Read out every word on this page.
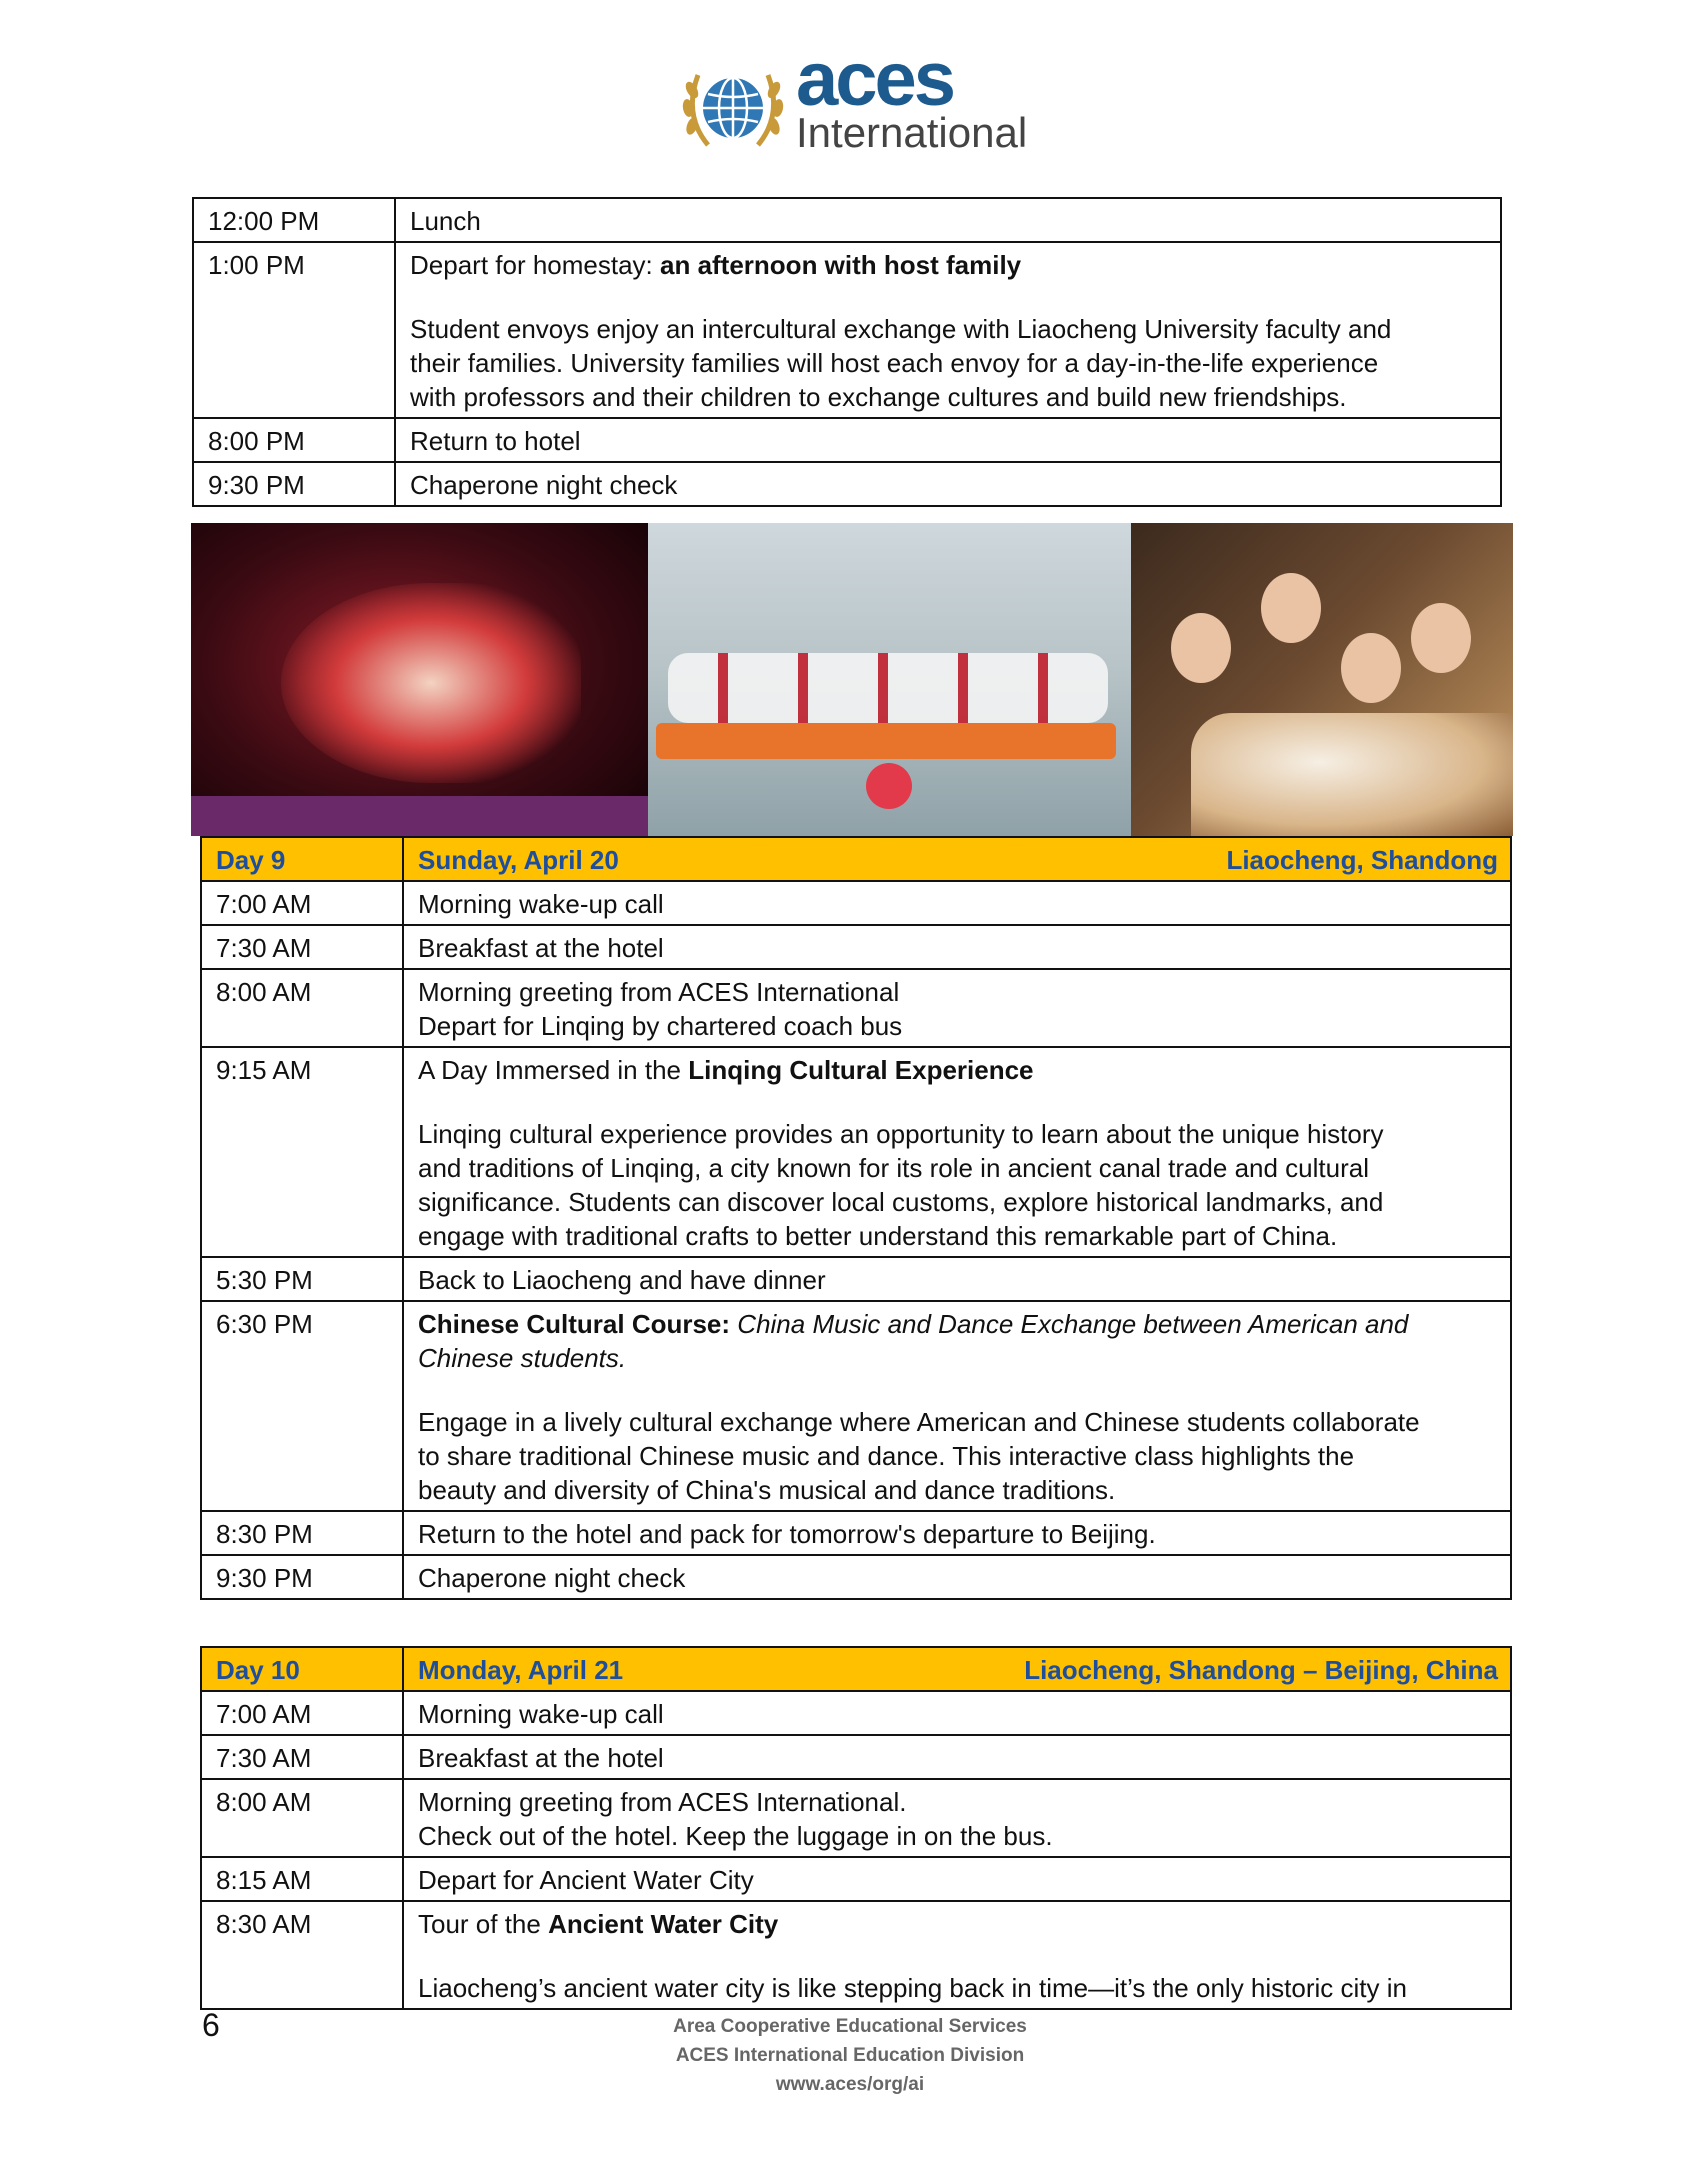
aces
International
12:00 PM	Lunch

1:00 PM	Depart for homestay: an afternoon with host family
Student envoys enjoy an intercultural exchange with Liaocheng University faculty and
their families. University families will host each envoy for a day-in-the-life experience
with professors and their children to exchange cultures and build new friendships.

8:00 PM	Return to hotel

9:30 PM	Chaperone night check
Day 9	Sunday, April 20 Liaocheng, Shandong

7:00 AM	Morning wake-up call

7:30 AM	Breakfast at the hotel

8:00 AM	Morning greeting from ACES International
Depart for Linqing by chartered coach bus

9:15 AM	A Day Immersed in the Linqing Cultural Experience
Linqing cultural experience provides an opportunity to learn about the unique history
and traditions of Linqing, a city known for its role in ancient canal trade and cultural
significance. Students can discover local customs, explore historical landmarks, and
engage with traditional crafts to better understand this remarkable part of China.

5:30 PM	Back to Liaocheng and have dinner

6:30 PM	Chinese Cultural Course: China Music and Dance Exchange between American and
Chinese students.
Engage in a lively cultural exchange where American and Chinese students collaborate
to share traditional Chinese music and dance. This interactive class highlights the
beauty and diversity of China's musical and dance traditions.

8:30 PM	Return to the hotel and pack for tomorrow's departure to Beijing.

9:30 PM	Chaperone night check
Day 10	Monday, April 21 Liaocheng, Shandong – Beijing, China

7:00 AM	Morning wake-up call

7:30 AM	Breakfast at the hotel

8:00 AM	Morning greeting from ACES International.
Check out of the hotel. Keep the luggage in on the bus.

8:15 AM	Depart for Ancient Water City

8:30 AM	Tour of the Ancient Water City
Liaocheng’s ancient water city is like stepping back in time—it’s the only historic city in
6	Area Cooperative Educational Services
ACES International Education Division
www.aces/org/ai
